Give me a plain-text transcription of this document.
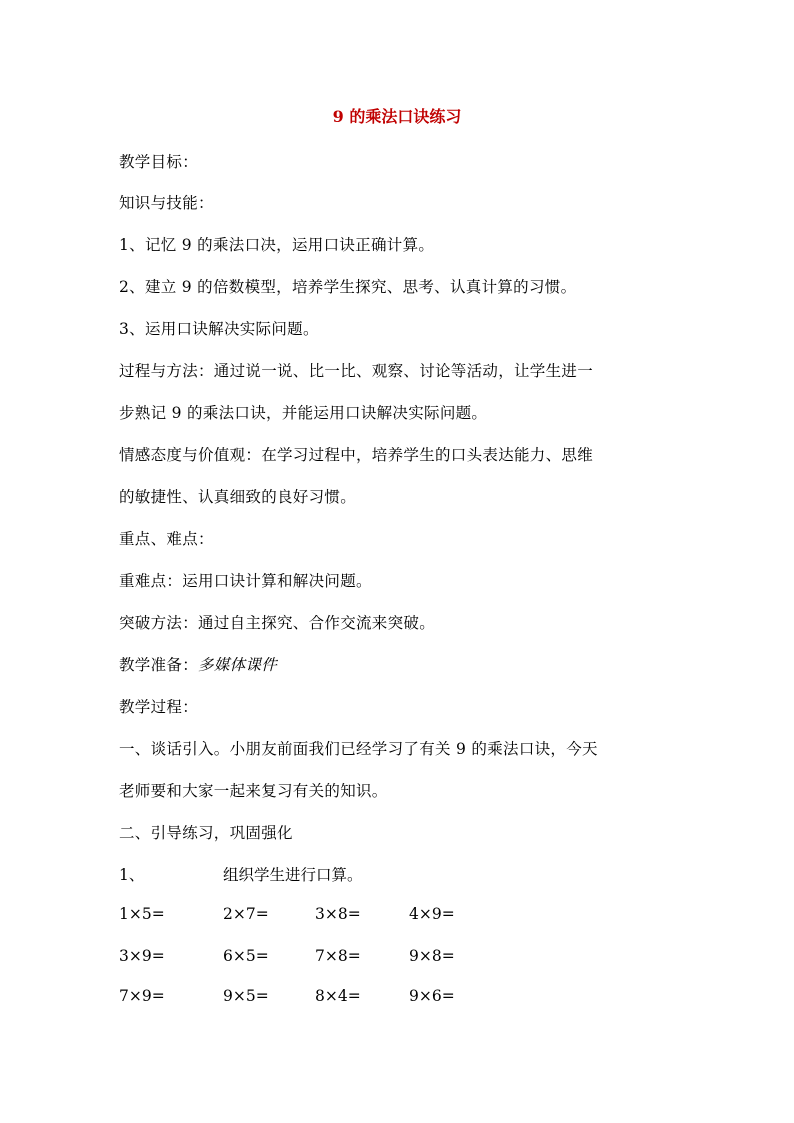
9 的乘法口诀练习
教学目标：
知识与技能：
1、记忆 9 的乘法口决，运用口诀正确计算。
2、建立 9 的倍数模型，培养学生探究、思考、认真计算的习惯。
3、运用口诀解决实际问题。
过程与方法：通过说一说、比一比、观察、讨论等活动，让学生进一
步熟记 9 的乘法口诀，并能运用口诀解决实际问题。
情感态度与价值观：在学习过程中，培养学生的口头表达能力、思维
的敏捷性、认真细致的良好习惯。
重点、难点：
重难点：运用口诀计算和解决问题。
突破方法：通过自主探究、合作交流来突破。
教学准备：多媒体课件
教学过程：
一、谈话引入。小朋友前面我们已经学习了有关 9 的乘法口诀，今天
老师要和大家一起来复习有关的知识。
二、引导练习，巩固强化
1、	组织学生进行口算。
1×5=	2×7=	3×8=	4×9=
3×9=	6×5=	7×8=	9×8=
7×9=	9×5=	8×4=	9×6=
